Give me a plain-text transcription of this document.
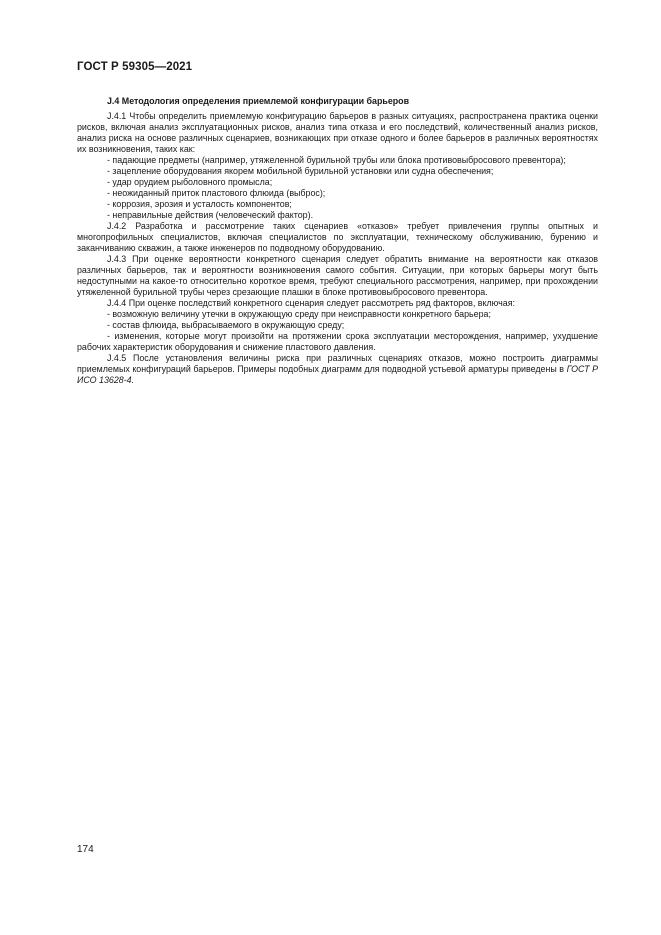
ГОСТ Р 59305—2021
J.4 Методология определения приемлемой конфигурации барьеров

J.4.1 Чтобы определить приемлемую конфигурацию барьеров в разных ситуациях, распространена практика оценки рисков, включая анализ эксплуатационных рисков, анализ типа отказа и его последствий, количественный анализ рисков, анализ риска на основе различных сценариев, возникающих при отказе одного и более барьеров в различных вероятностях их возникновения, таких как:

- падающие предметы (например, утяжеленной бурильной трубы или блока противовыбросового превентора);

- зацепление оборудования якорем мобильной бурильной установки или судна обеспечения;

- удар орудием рыболовного промысла;

- неожиданный приток пластового флюида (выброс);

- коррозия, эрозия и усталость компонентов;

- неправильные действия (человеческий фактор).

J.4.2 Разработка и рассмотрение таких сценариев «отказов» требует привлечения группы опытных и многопрофильных специалистов, включая специалистов по эксплуатации, техническому обслуживанию, бурению и заканчиванию скважин, а также инженеров по подводному оборудованию.

J.4.3 При оценке вероятности конкретного сценария следует обратить внимание на вероятности как отказов различных барьеров, так и вероятности возникновения самого события. Ситуации, при которых барьеры могут быть недоступными на какое-то относительно короткое время, требуют специального рассмотрения, например, при прохождении утяжеленной бурильной трубы через срезающие плашки в блоке противовыбросового превентора.

J.4.4 При оценке последствий конкретного сценария следует рассмотреть ряд факторов, включая:

- возможную величину утечки в окружающую среду при неисправности конкретного барьера;

- состав флюида, выбрасываемого в окружающую среду;

- изменения, которые могут произойти на протяжении срока эксплуатации месторождения, например, ухудшение рабочих характеристик оборудования и снижение пластового давления.

J.4.5 После установления величины риска при различных сценариях отказов, можно построить диаграммы приемлемых конфигураций барьеров. Примеры подобных диаграмм для подводной устьевой арматуры приведены в ГОСТ Р ИСО 13628-4.

174
